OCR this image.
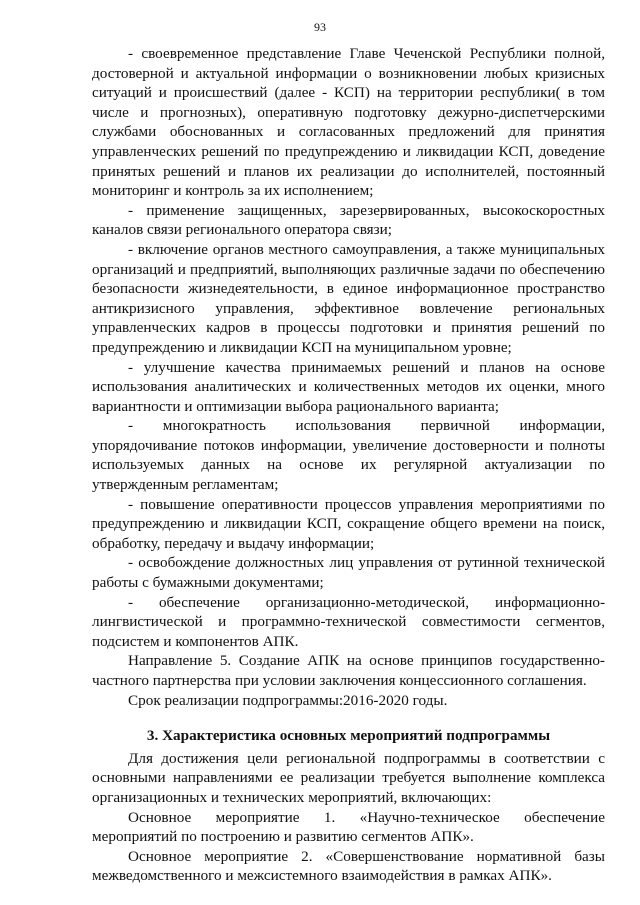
93

- своевременное представление Главе Чеченской Республики полной, достоверной и актуальной информации о возникновении любых кризисных ситуаций и происшествий (далее - КСП) на территории республики( в том числе и прогнозных), оперативную подготовку дежурно-диспетчерскими службами обоснованных и согласованных предложений для принятия управленческих решений по предупреждению и ликвидации КСП, доведение принятых решений и планов их реализации до исполнителей, постоянный мониторинг и контроль за их исполнением;

- применение защищенных, зарезервированных, высокоскоростных каналов связи регионального оператора связи;

- включение органов местного самоуправления, а также муниципальных организаций и предприятий, выполняющих различные задачи по обеспечению безопасности жизнедеятельности, в единое информационное пространство антикризисного управления, эффективное вовлечение региональных управленческих кадров в процессы подготовки и принятия решений по предупреждению и ликвидации КСП на муниципальном уровне;

- улучшение качества принимаемых решений и планов на основе использования аналитических и количественных методов их оценки, много вариантности и оптимизации выбора рационального варианта;

- многократность использования первичной информации, упорядочивание потоков информации, увеличение достоверности и полноты используемых данных на основе их регулярной актуализации по утвержденным регламентам;

- повышение оперативности процессов управления мероприятиями по предупреждению и ликвидации КСП, сокращение общего времени на поиск, обработку, передачу и выдачу информации;

- освобождение должностных лиц управления от рутинной технической работы с бумажными документами;

- обеспечение организационно-методической, информационно-лингвистической и программно-технической совместимости сегментов, подсистем и компонентов АПК.

Направление 5. Создание АПК на основе принципов государственно-частного партнерства при условии заключения концессионного соглашения.

Срок реализации подпрограммы:2016-2020 годы.

3. Характеристика основных мероприятий подпрограммы

Для достижения цели региональной подпрограммы в соответствии с основными направлениями ее реализации требуется выполнение комплекса организационных и технических мероприятий, включающих:

Основное мероприятие 1. «Научно-техническое обеспечение мероприятий по построению и развитию сегментов АПК».

Основное мероприятие 2. «Совершенствование нормативной базы межведомственного и межсистемного взаимодействия в рамках АПК».
